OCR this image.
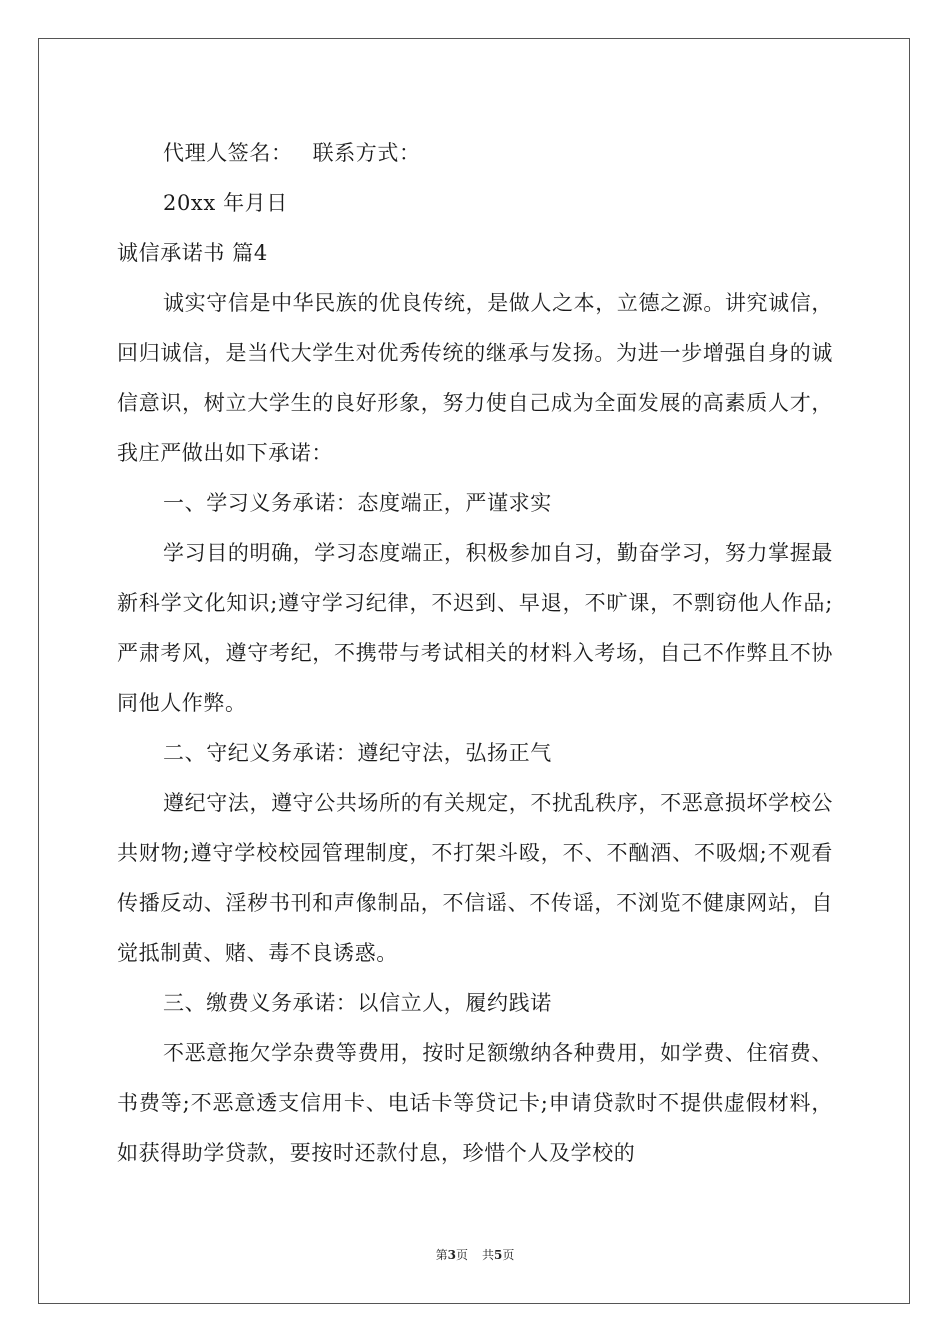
代理人签名： 联系方式：
20xx 年月日
诚信承诺书 篇4

诚实守信是中华民族的优良传统，是做人之本，立德之源。讲究诚信，回归诚信，是当代大学生对优秀传统的继承与发扬。为进一步增强自身的诚信意识，树立大学生的良好形象，努力使自己成为全面发展的高素质人才，我庄严做出如下承诺：

一、学习义务承诺：态度端正，严谨求实

学习目的明确，学习态度端正，积极参加自习，勤奋学习，努力掌握最新科学文化知识;遵守学习纪律，不迟到、早退，不旷课，不剽窃他人作品;严肃考风，遵守考纪，不携带与考试相关的材料入考场，自己不作弊且不协同他人作弊。

二、守纪义务承诺：遵纪守法，弘扬正气

遵纪守法，遵守公共场所的有关规定，不扰乱秩序，不恶意损坏学校公共财物;遵守学校校园管理制度，不打架斗殴，不、不酗酒、不吸烟;不观看传播反动、淫秽书刊和声像制品，不信谣、不传谣，不浏览不健康网站，自觉抵制黄、赌、毒不良诱惑。

三、缴费义务承诺：以信立人，履约践诺

不恶意拖欠学杂费等费用，按时足额缴纳各种费用，如学费、住宿费、书费等;不恶意透支信用卡、电话卡等贷记卡;申请贷款时不提供虚假材料，如获得助学贷款，要按时还款付息，珍惜个人及学校的

第3页 共5页
